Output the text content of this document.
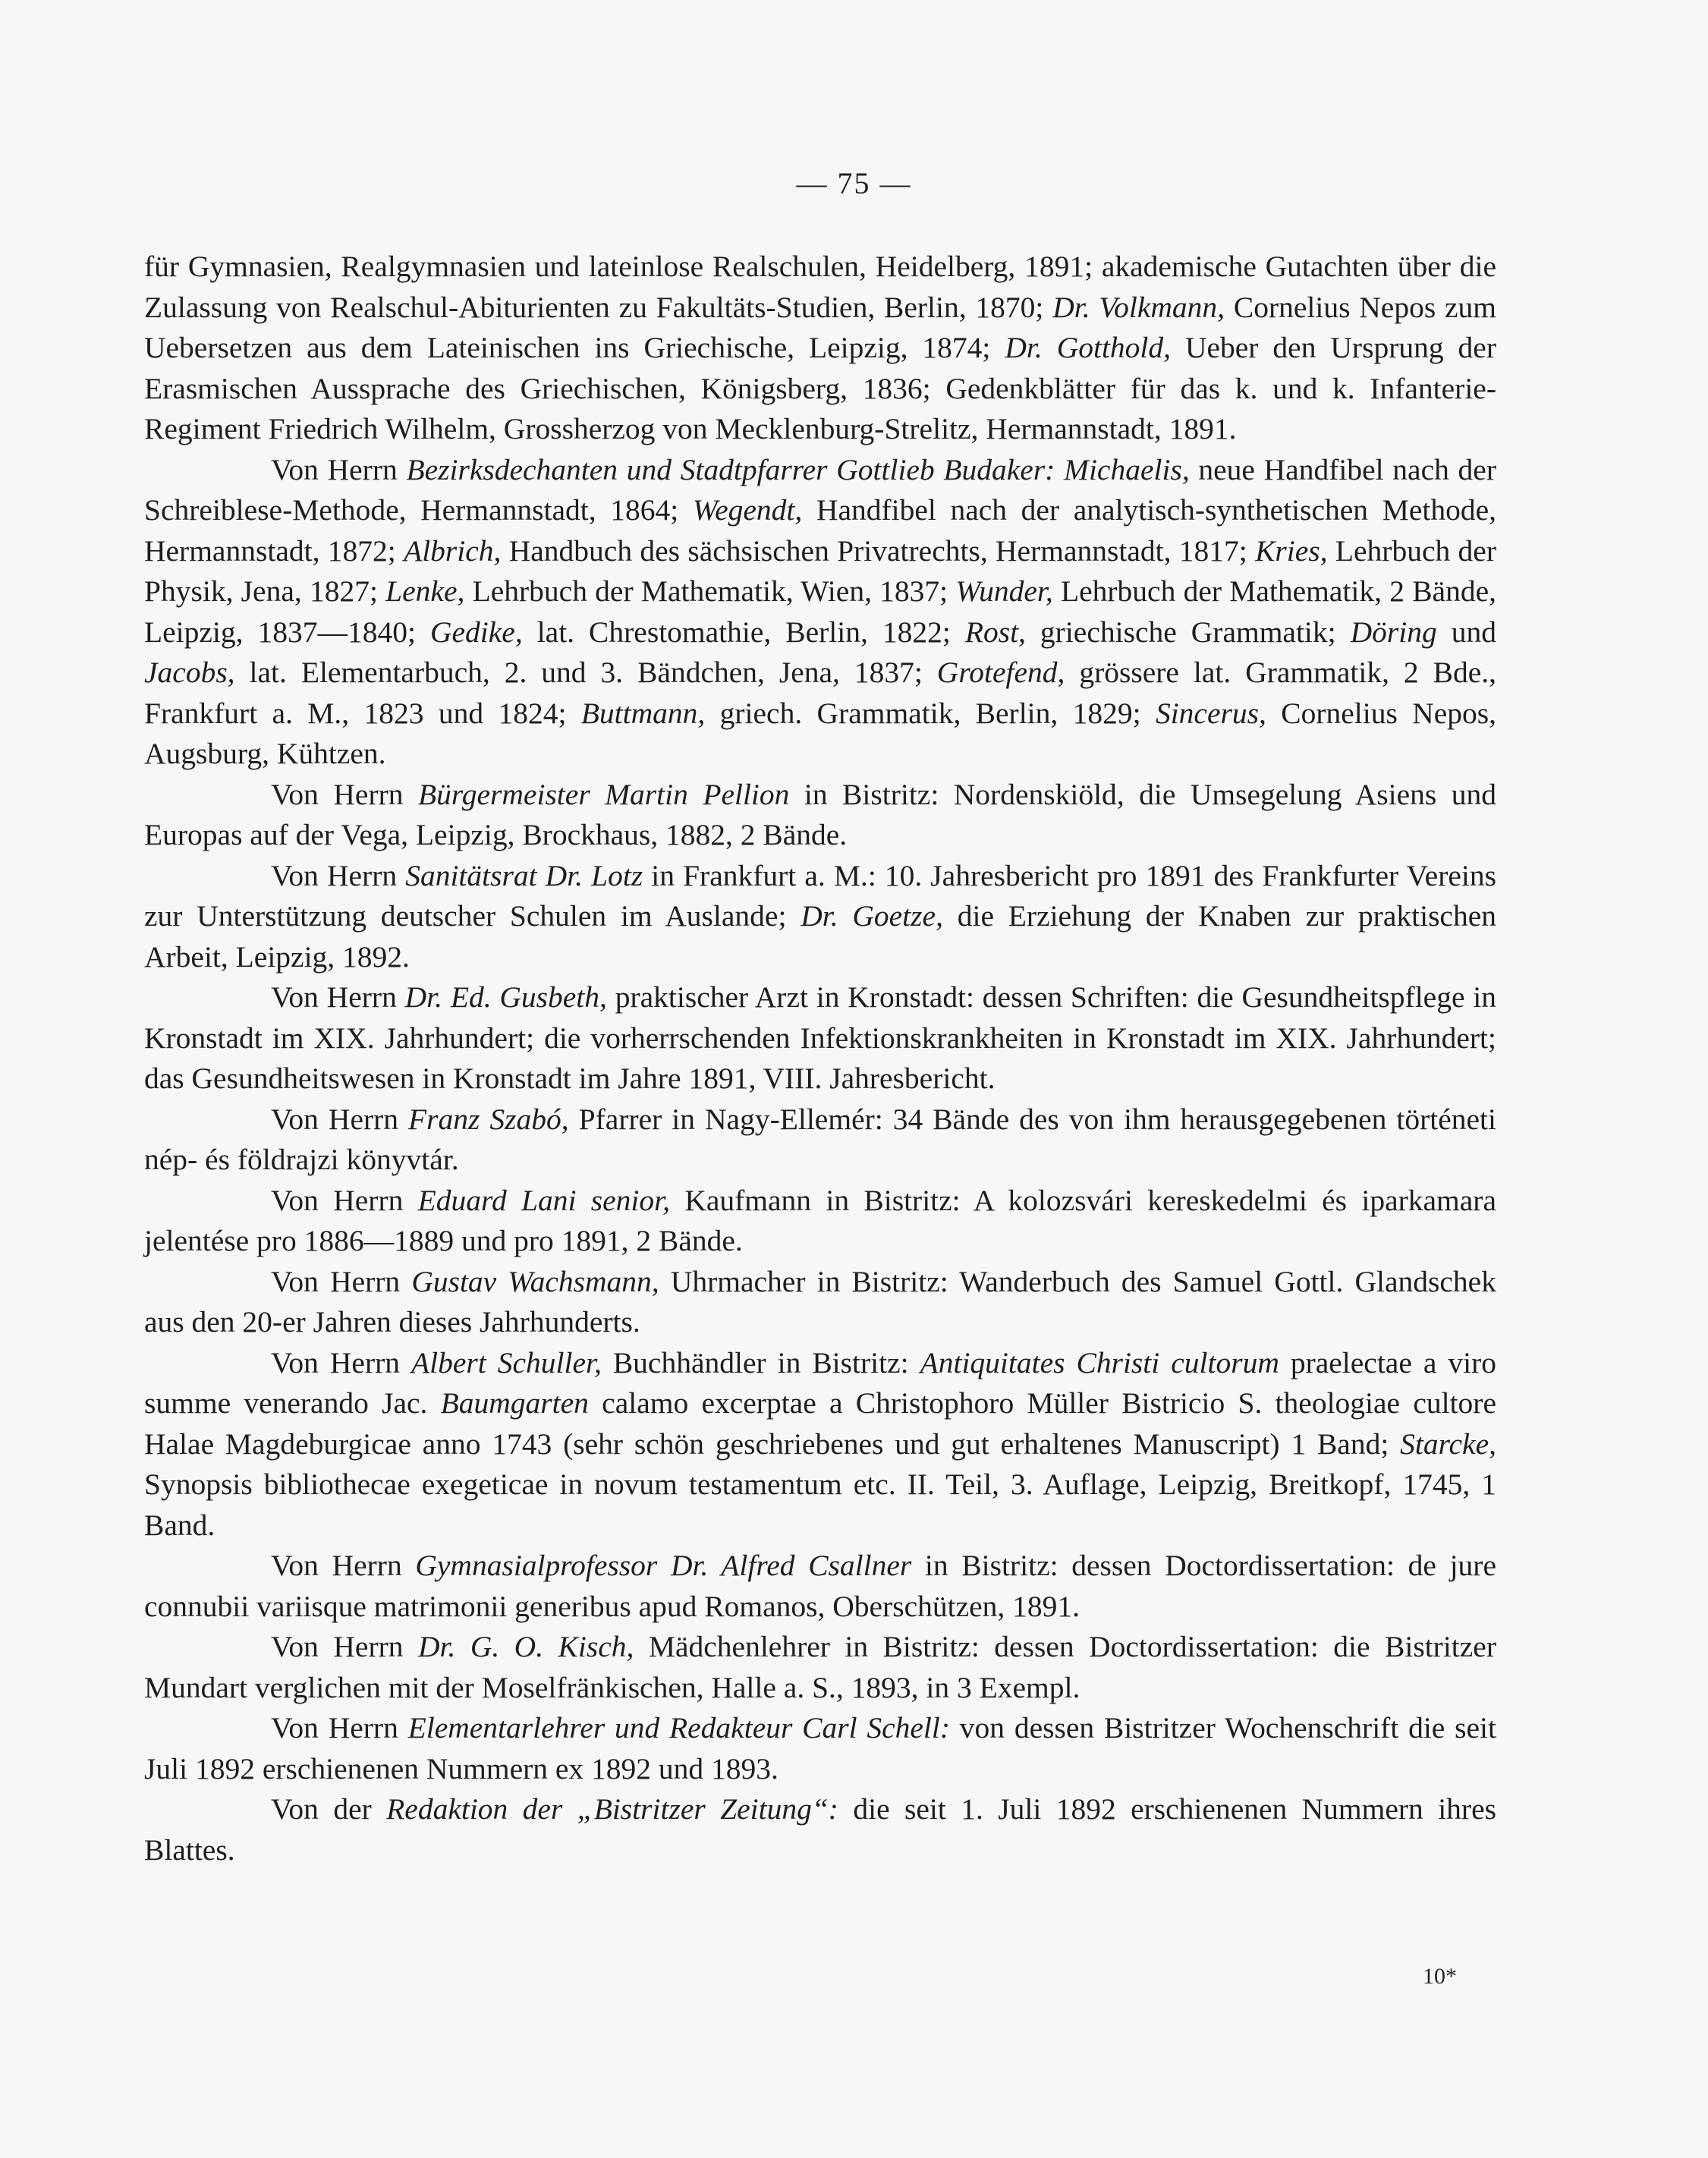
— 75 —

für Gymnasien, Realgymnasien und lateinlose Realschulen, Heidelberg, 1891; akademische Gutachten über die Zulassung von Realschul-Abiturienten zu Fakultäts-Studien, Berlin, 1870; Dr. Volkmann, Cornelius Nepos zum Uebersetzen aus dem Lateinischen ins Griechische, Leipzig, 1874; Dr. Gotthold, Ueber den Ursprung der Erasmischen Aussprache des Griechischen, Königsberg, 1836; Gedenkblätter für das k. und k. Infanterie-Regiment Friedrich Wilhelm, Grossherzog von Mecklenburg-Strelitz, Hermannstadt, 1891.

Von Herrn Bezirksdechanten und Stadtpfarrer Gottlieb Budaker: Michaelis, neue Handfibel nach der Schreiblese-Methode, Hermannstadt, 1864; Wegendt, Handfibel nach der analytisch-synthetischen Methode, Hermannstadt, 1872; Albrich, Handbuch des sächsischen Privatrechts, Hermannstadt, 1817; Kries, Lehrbuch der Physik, Jena, 1827; Lenke, Lehrbuch der Mathematik, Wien, 1837; Wunder, Lehrbuch der Mathematik, 2 Bände, Leipzig, 1837—1840; Gedike, lat. Chrestomathie, Berlin, 1822; Rost, griechische Grammatik; Döring und Jacobs, lat. Elementarbuch, 2. und 3. Bändchen, Jena, 1837; Grotefend, grössere lat. Grammatik, 2 Bde., Frankfurt a. M., 1823 und 1824; Buttmann, griech. Grammatik, Berlin, 1829; Sincerus, Cornelius Nepos, Augsburg, Kühtzen.

Von Herrn Bürgermeister Martin Pellion in Bistritz: Nordenskiöld, die Umsegelung Asiens und Europas auf der Vega, Leipzig, Brockhaus, 1882, 2 Bände.

Von Herrn Sanitätsrat Dr. Lotz in Frankfurt a. M.: 10. Jahresbericht pro 1891 des Frankfurter Vereins zur Unterstützung deutscher Schulen im Auslande; Dr. Goetze, die Erziehung der Knaben zur praktischen Arbeit, Leipzig, 1892.

Von Herrn Dr. Ed. Gusbeth, praktischer Arzt in Kronstadt: dessen Schriften: die Gesundheitspflege in Kronstadt im XIX. Jahrhundert; die vorherrschenden Infektionskrankheiten in Kronstadt im XIX. Jahrhundert; das Gesundheitswesen in Kronstadt im Jahre 1891, VIII. Jahresbericht.

Von Herrn Franz Szabó, Pfarrer in Nagy-Ellemér: 34 Bände des von ihm herausgegebenen történeti nép- és földrajzi könyvtár.

Von Herrn Eduard Lani senior, Kaufmann in Bistritz: A kolozsvári kereskedelmi és iparkamara jelentése pro 1886—1889 und pro 1891, 2 Bände.

Von Herrn Gustav Wachsmann, Uhrmacher in Bistritz: Wanderbuch des Samuel Gottl. Glandschek aus den 20-er Jahren dieses Jahrhunderts.

Von Herrn Albert Schuller, Buchhändler in Bistritz: Antiquitates Christi cultorum praelectae a viro summe venerando Jac. Baumgarten calamo excerptae a Christophoro Müller Bistricio S. theologiae cultore Halae Magdeburgicae anno 1743 (sehr schön geschriebenes und gut erhaltenes Manuscript) 1 Band; Starcke, Synopsis bibliothecae exegeticae in novum testamentum etc. II. Teil, 3. Auflage, Leipzig, Breitkopf, 1745, 1 Band.

Von Herrn Gymnasialprofessor Dr. Alfred Csallner in Bistritz: dessen Doctordissertation: de jure connubii variisque matrimonii generibus apud Romanos, Oberschützen, 1891.

Von Herrn Dr. G. O. Kisch, Mädchenlehrer in Bistritz: dessen Doctordissertation: die Bistritzer Mundart verglichen mit der Moselfränkischen, Halle a. S., 1893, in 3 Exempl.

Von Herrn Elementarlehrer und Redakteur Carl Schell: von dessen Bistritzer Wochenschrift die seit Juli 1892 erschienenen Nummern ex 1892 und 1893.

Von der Redaktion der „Bistritzer Zeitung“: die seit 1. Juli 1892 erschienenen Nummern ihres Blattes.

10*
